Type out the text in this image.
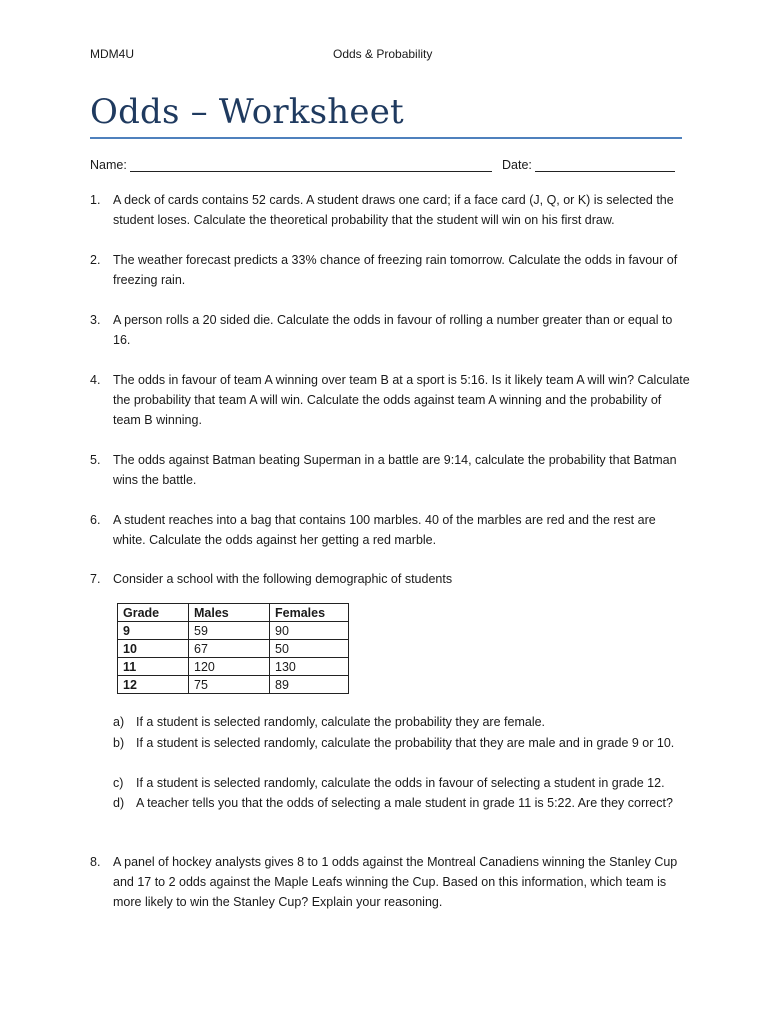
MDM4U	Odds & Probability
Odds – Worksheet
Name:	Date:
1.	A deck of cards contains 52 cards. A student draws one card; if a face card (J, Q, or K) is selected the student loses. Calculate the theoretical probability that the student will win on his first draw.
2.	The weather forecast predicts a 33% chance of freezing rain tomorrow. Calculate the odds in favour of freezing rain.
3.	A person rolls a 20 sided die. Calculate the odds in favour of rolling a number greater than or equal to 16.
4.	The odds in favour of team A winning over team B at a sport is 5:16. Is it likely team A will win? Calculate the probability that team A will win. Calculate the odds against team A winning and the probability of team B winning.
5.	The odds against Batman beating Superman in a battle are 9:14, calculate the probability that Batman wins the battle.
6.	A student reaches into a bag that contains 100 marbles. 40 of the marbles are red and the rest are white. Calculate the odds against her getting a red marble.
7.	Consider a school with the following demographic of students
Grade	Males	Females
9	59	90
10	67	50
11	120	130
12	75	89
a) If a student is selected randomly, calculate the probability they are female.
b) If a student is selected randomly, calculate the probability that they are male and in grade 9 or 10.
c)	If a student is selected randomly, calculate the odds in favour of selecting a student in grade 12.
d) A teacher tells you that the odds of selecting a male student in grade 11 is 5:22. Are they correct?
8.	A panel of hockey analysts gives 8 to 1 odds against the Montreal Canadiens winning the Stanley Cup and 17 to 2 odds against the Maple Leafs winning the Cup. Based on this information, which team is more likely to win the Stanley Cup? Explain your reasoning.
